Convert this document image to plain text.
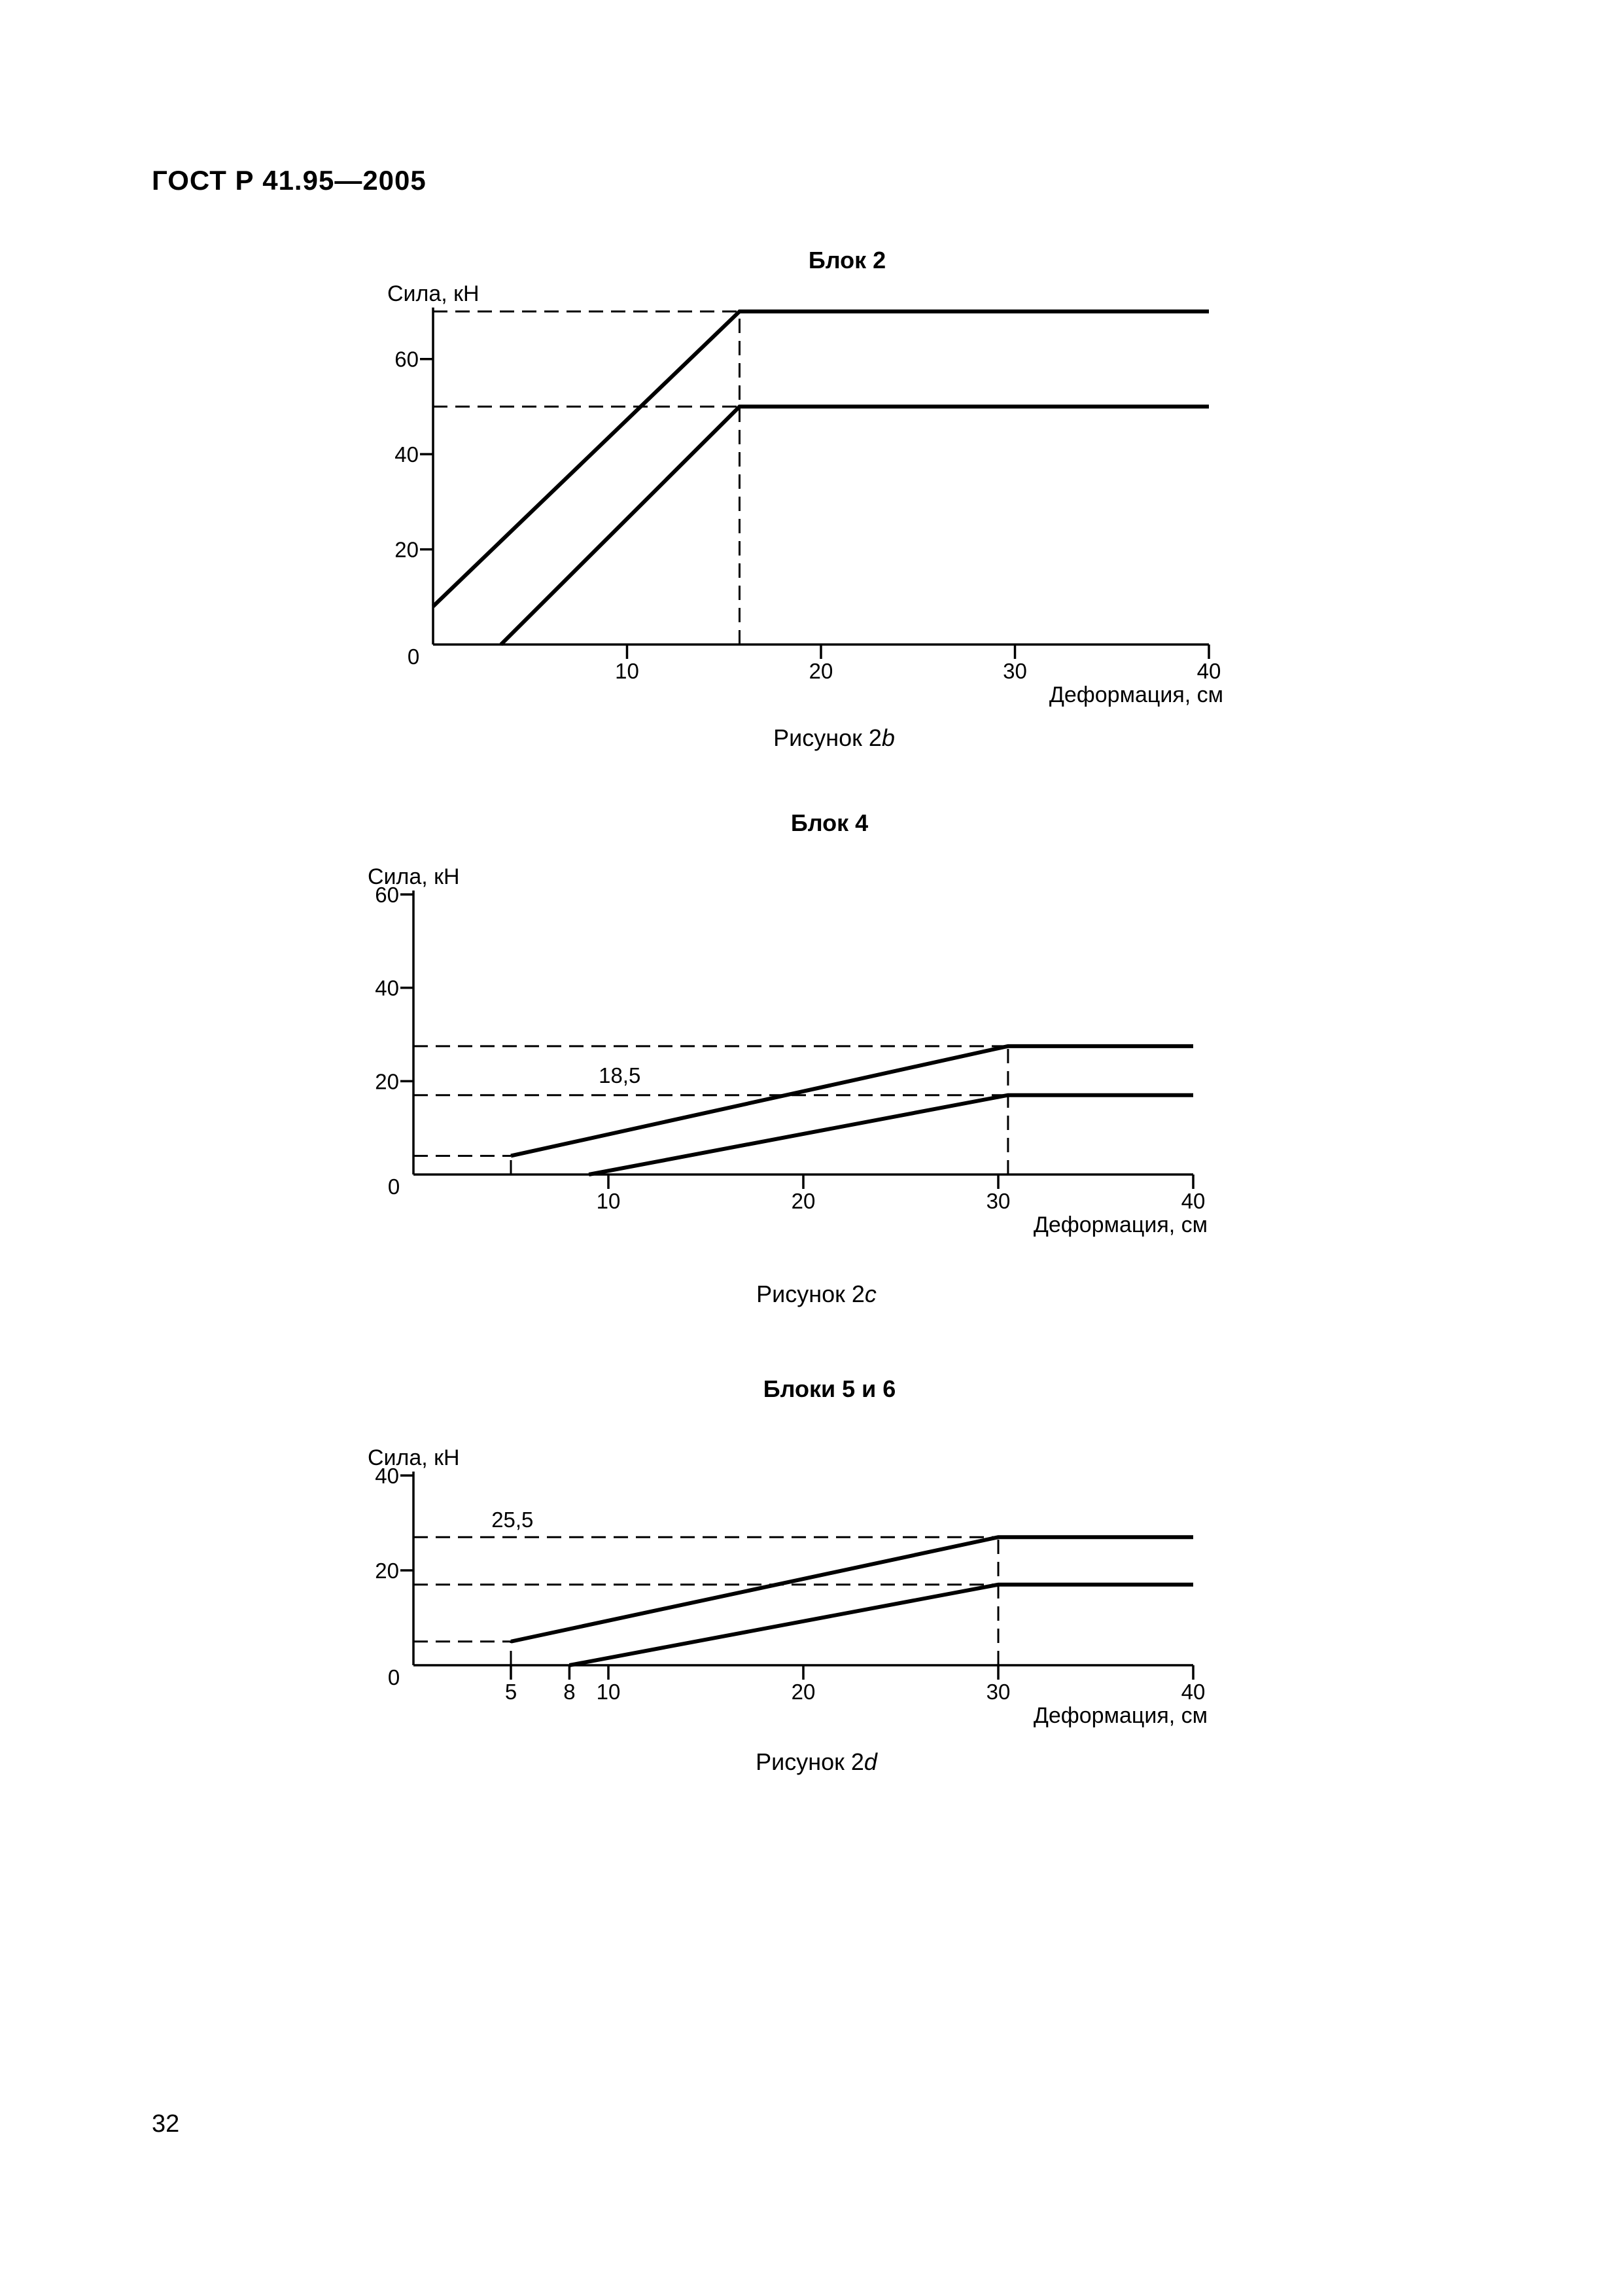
ГОСТ Р 41.95—2005
Блок 2
Сила, кН
0
20
40
60
10	20	30	40
Деформация, см
Рисунок 2b
Блок 4
Сила, кН
0
20
40
60
10	20	30	40
Деформация, см
18,5
Рисунок 2c
Блоки 5 и 6
Сила, кН
0
20
40
5 8 10	20	30	40
Деформация, см
25,5
Рисунок 2d
32
